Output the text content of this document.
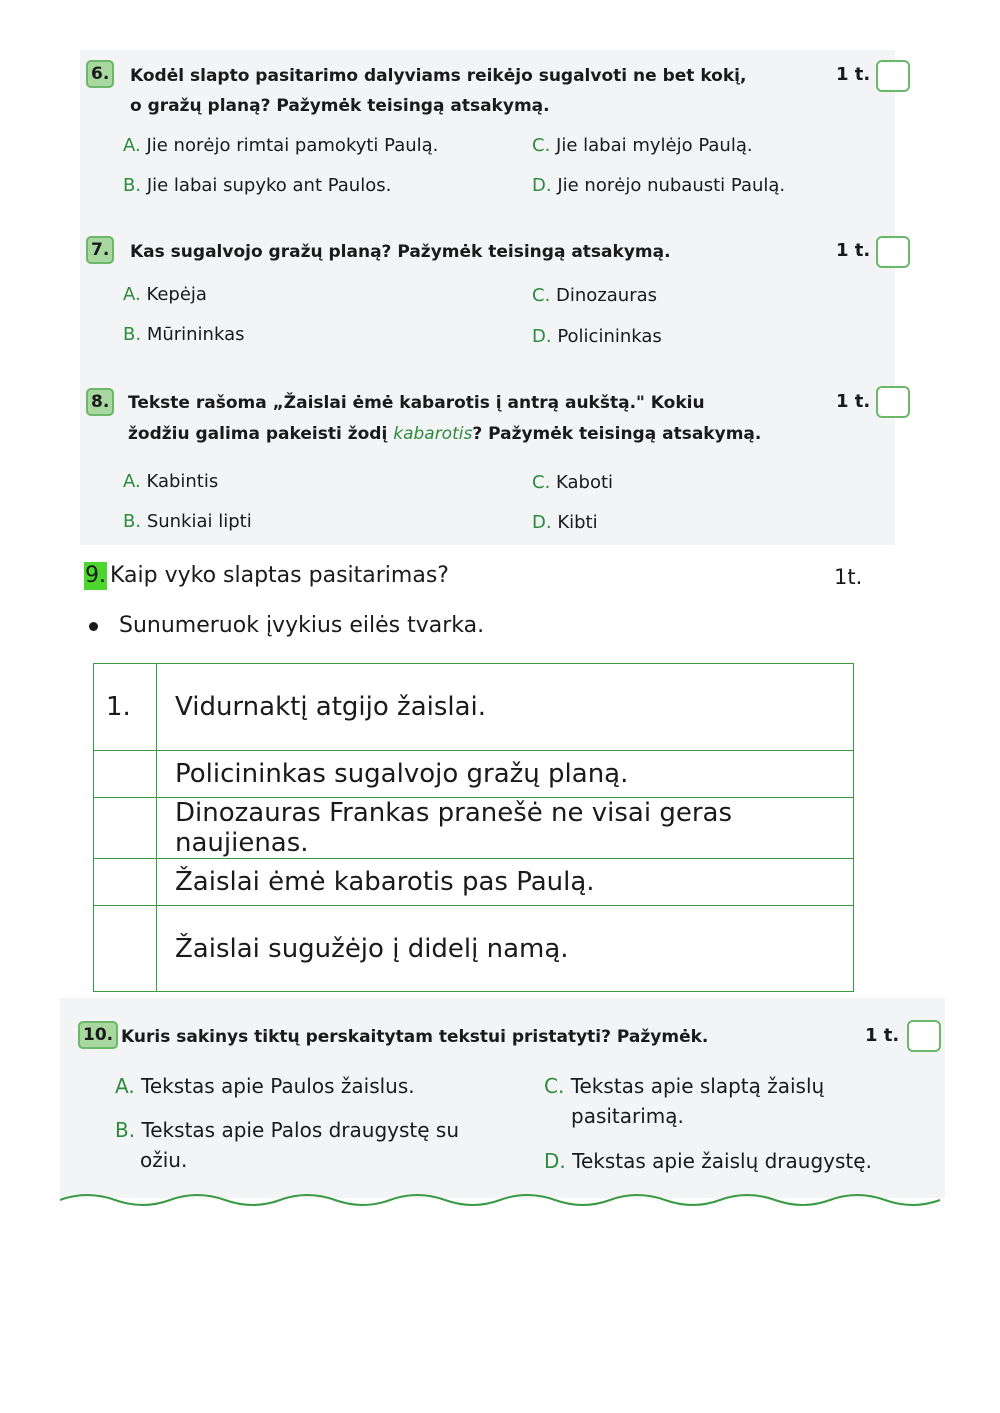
6. Kodėl slapto pasitarimo dalyviams reikėjo sugalvoti ne bet kokį,
o gražų planą? Pažymėk teisingą atsakymą.
1 t.
A. Jie norėjo rimtai pamokyti Paulą.	C. Jie labai mylėjo Paulą.
B. Jie labai supyko ant Paulos.	D. Jie norėjo nubausti Paulą.
7. Kas sugalvojo gražų planą? Pažymėk teisingą atsakymą.	1 t.
A. Kepėja	C. Dinozauras
B. Mūrininkas	D. Policininkas
8. Tekste rašoma „Žaislai ėmė kabarotis į antrą aukštą." Kokiu
žodžiu galima pakeisti žodį kabarotis? Pažymėk teisingą atsakymą.
1 t.
A. Kabintis	C. Kaboti
B. Sunkiai lipti	D. Kibti
9. Kaip vyko slaptas pasitarimas?	1t.
Sunumeruok įvykius eilės tvarka.
1.	Vidurnaktį atgijo žaislai.
	Policininkas sugalvojo gražų planą.
	Dinozauras Frankas pranešė ne visai geras naujienas.
	Žaislai ėmė kabarotis pas Paulą.
	Žaislai sugužėjo į didelį namą.
10. Kuris sakinys tiktų perskaitytam tekstui pristatyti? Pažymėk.	1 t.
A. Tekstas apie Paulos žaislus.
B. Tekstas apie Palos draugystę su
ožiu.
C. Tekstas apie slaptą žaislų
pasitarimą.
D. Tekstas apie žaislų draugystę.
